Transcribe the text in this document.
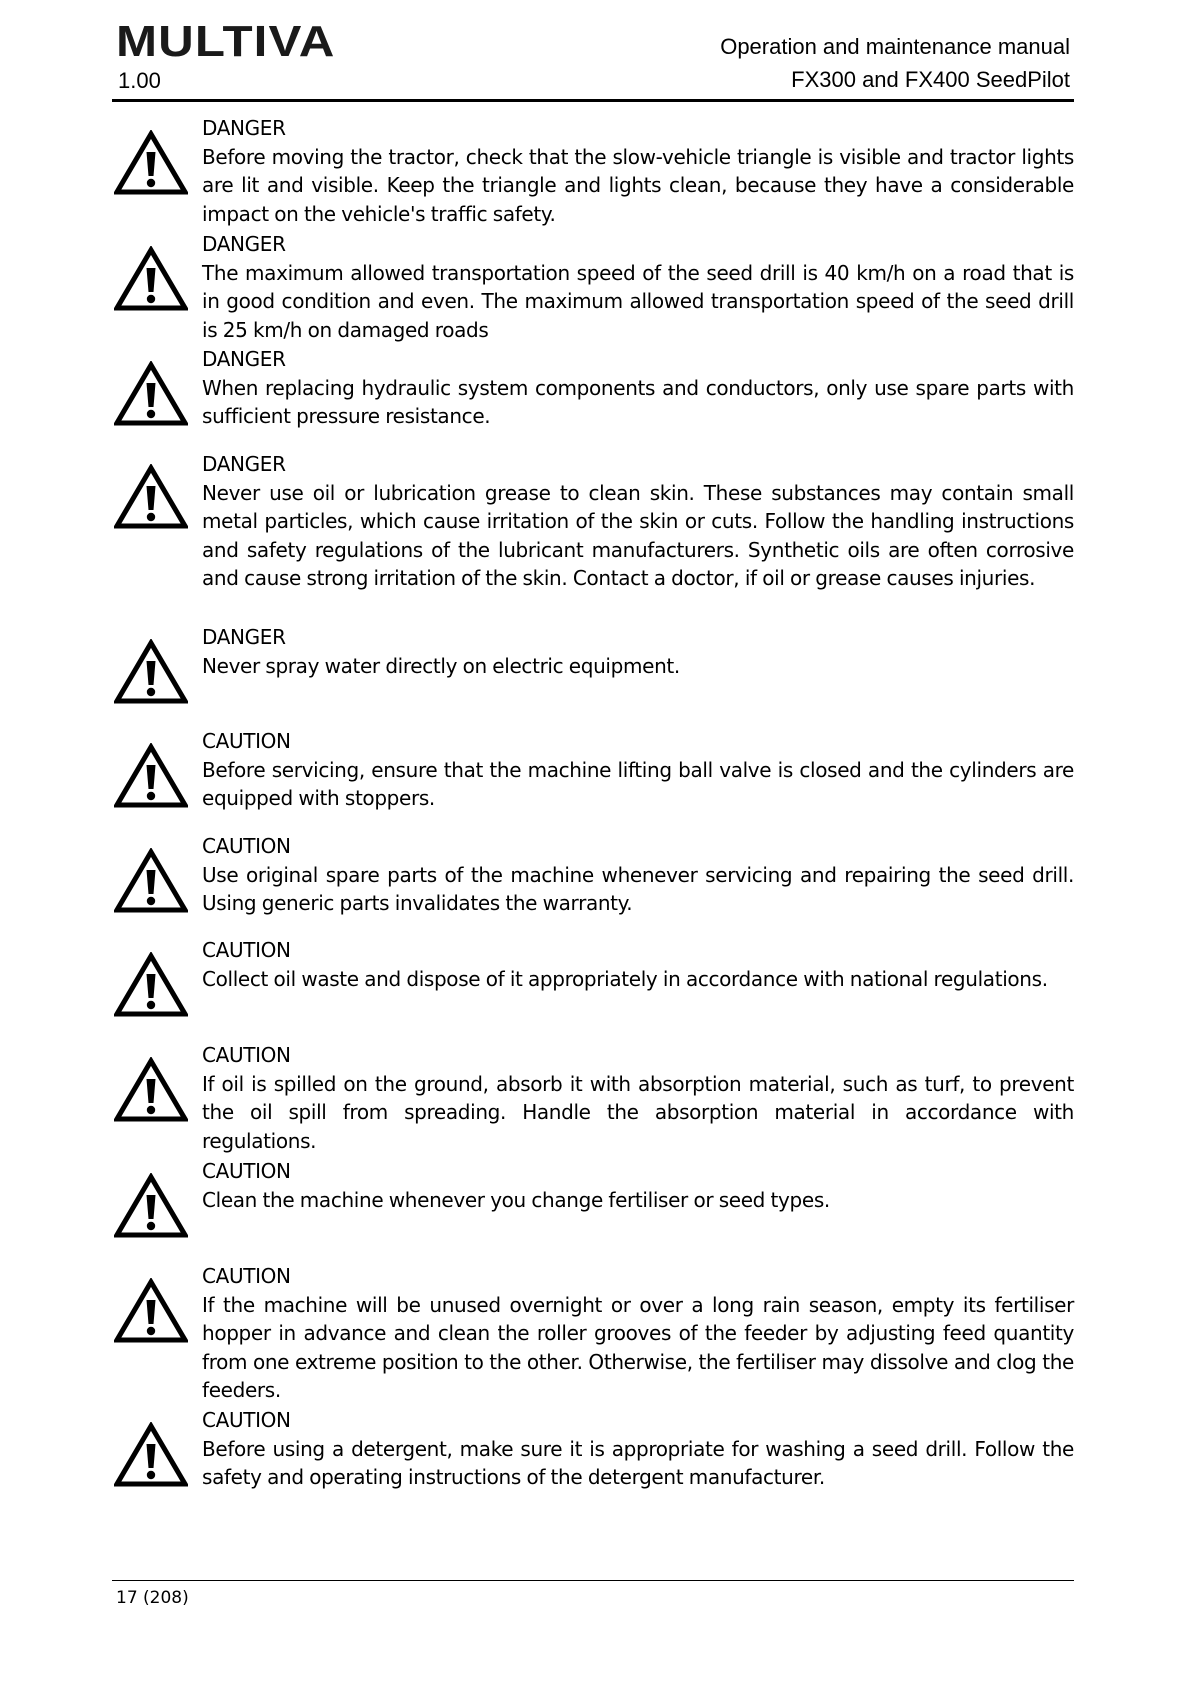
MULTIVA
1.00
Operation and maintenance manual
FX300 and FX400 SeedPilot
DANGER
Before moving the tractor, check that the slow-vehicle triangle is visible and tractor lights are lit and visible. Keep the triangle and lights clean, because they have a considerable impact on the vehicle's traffic safety.
DANGER
The maximum allowed transportation speed of the seed drill is 40 km/h on a road that is in good condition and even. The maximum allowed transportation speed of the seed drill is 25 km/h on damaged roads
DANGER
When replacing hydraulic system components and conductors, only use spare parts with sufficient pressure resistance.
DANGER
Never use oil or lubrication grease to clean skin. These substances may contain small metal particles, which cause irritation of the skin or cuts. Follow the handling instructions and safety regulations of the lubricant manufacturers. Synthetic oils are often corrosive and cause strong irritation of the skin. Contact a doctor, if oil or grease causes injuries.
DANGER
Never spray water directly on electric equipment.
CAUTION
Before servicing, ensure that the machine lifting ball valve is closed and the cylinders are equipped with stoppers.
CAUTION
Use original spare parts of the machine whenever servicing and repairing the seed drill. Using generic parts invalidates the warranty.
CAUTION
Collect oil waste and dispose of it appropriately in accordance with national regulations.
CAUTION
If oil is spilled on the ground, absorb it with absorption material, such as turf, to prevent the oil spill from spreading. Handle the absorption material in accordance with regulations.
CAUTION
Clean the machine whenever you change fertiliser or seed types.
CAUTION
If the machine will be unused overnight or over a long rain season, empty its fertiliser hopper in advance and clean the roller grooves of the feeder by adjusting feed quantity from one extreme position to the other. Otherwise, the fertiliser may dissolve and clog the feeders.
CAUTION
Before using a detergent, make sure it is appropriate for washing a seed drill. Follow the safety and operating instructions of the detergent manufacturer.
17 (208)
